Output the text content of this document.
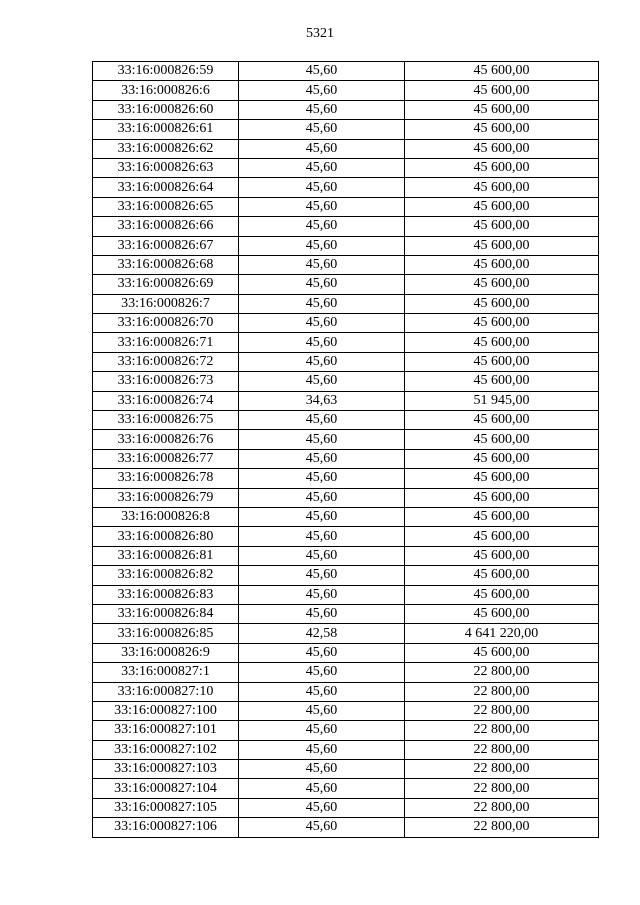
5321
33:16:000826:59	45,60	45 600,00
33:16:000826:6	45,60	45 600,00
33:16:000826:60	45,60	45 600,00
33:16:000826:61	45,60	45 600,00
33:16:000826:62	45,60	45 600,00
33:16:000826:63	45,60	45 600,00
33:16:000826:64	45,60	45 600,00
33:16:000826:65	45,60	45 600,00
33:16:000826:66	45,60	45 600,00
33:16:000826:67	45,60	45 600,00
33:16:000826:68	45,60	45 600,00
33:16:000826:69	45,60	45 600,00
33:16:000826:7	45,60	45 600,00
33:16:000826:70	45,60	45 600,00
33:16:000826:71	45,60	45 600,00
33:16:000826:72	45,60	45 600,00
33:16:000826:73	45,60	45 600,00
33:16:000826:74	34,63	51 945,00
33:16:000826:75	45,60	45 600,00
33:16:000826:76	45,60	45 600,00
33:16:000826:77	45,60	45 600,00
33:16:000826:78	45,60	45 600,00
33:16:000826:79	45,60	45 600,00
33:16:000826:8	45,60	45 600,00
33:16:000826:80	45,60	45 600,00
33:16:000826:81	45,60	45 600,00
33:16:000826:82	45,60	45 600,00
33:16:000826:83	45,60	45 600,00
33:16:000826:84	45,60	45 600,00
33:16:000826:85	42,58	4 641 220,00
33:16:000826:9	45,60	45 600,00
33:16:000827:1	45,60	22 800,00
33:16:000827:10	45,60	22 800,00
33:16:000827:100	45,60	22 800,00
33:16:000827:101	45,60	22 800,00
33:16:000827:102	45,60	22 800,00
33:16:000827:103	45,60	22 800,00
33:16:000827:104	45,60	22 800,00
33:16:000827:105	45,60	22 800,00
33:16:000827:106	45,60	22 800,00
